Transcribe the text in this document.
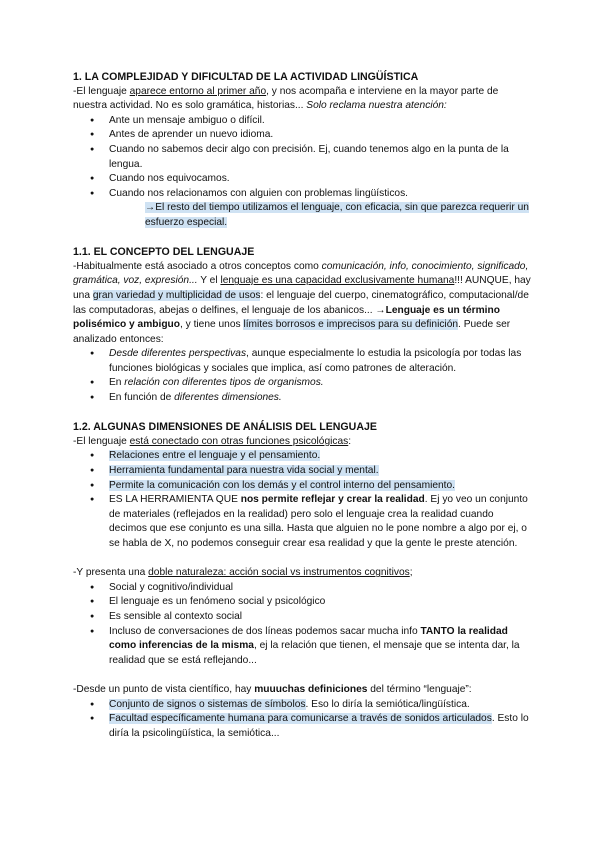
1. LA COMPLEJIDAD Y DIFICULTAD DE LA ACTIVIDAD LINGÜÍSTICA

-El lenguaje aparece entorno al primer año, y nos acompaña e interviene en la mayor parte de nuestra actividad. No es solo gramática, historias... Solo reclama nuestra atención:

● Ante un mensaje ambiguo o difícil.
● Antes de aprender un nuevo idioma.
● Cuando no sabemos decir algo con precisión. Ej, cuando tenemos algo en la punta de la lengua.
● Cuando nos equivocamos.
● Cuando nos relacionamos con alguien con problemas lingüísticos.

→El resto del tiempo utilizamos el lenguaje, con eficacia, sin que parezca requerir un esfuerzo especial.

1.1. EL CONCEPTO DEL LENGUAJE

-Habitualmente está asociado a otros conceptos como comunicación, info, conocimiento, significado, gramática, voz, expresión... Y el lenguaje es una capacidad exclusivamente humana!!! AUNQUE, hay una gran variedad y multiplicidad de usos: el lenguaje del cuerpo, cinematográfico, computacional/de las computadoras, abejas o delfines, el lenguaje de los abanicos... →Lenguaje es un término polisémico y ambiguo, y tiene unos límites borrosos e imprecisos para su definición. Puede ser analizado entonces:

● Desde diferentes perspectivas, aunque especialmente lo estudia la psicología por todas las funciones biológicas y sociales que implica, así como patrones de alteración.
● En relación con diferentes tipos de organismos.
● En función de diferentes dimensiones.
1.2. ALGUNAS DIMENSIONES DE ANÁLISIS DEL LENGUAJE

-El lenguaje está conectado con otras funciones psicológicas:

● Relaciones entre el lenguaje y el pensamiento.
● Herramienta fundamental para nuestra vida social y mental.
● Permite la comunicación con los demás y el control interno del pensamiento.
● ES LA HERRAMIENTA QUE nos permite reflejar y crear la realidad. Ej yo veo un conjunto de materiales (reflejados en la realidad) pero solo el lenguaje crea la realidad cuando decimos que ese conjunto es una silla. Hasta que alguien no le pone nombre a algo por ej, o se habla de X, no podemos conseguir crear esa realidad y que la gente le preste atención.

-Y presenta una doble naturaleza: acción social vs instrumentos cognitivos;

● Social y cognitivo/individual
● El lenguaje es un fenómeno social y psicológico
● Es sensible al contexto social
● Incluso de conversaciones de dos líneas podemos sacar mucha info TANTO la realidad como inferencias de la misma, ej la relación que tienen, el mensaje que se intenta dar, la realidad que se está reflejando...

-Desde un punto de vista científico, hay muuuchas definiciones del término “lenguaje”:

● Conjunto de signos o sistemas de símbolos. Eso lo diría la semiótica/lingüística.
● Facultad específicamente humana para comunicarse a través de sonidos articulados. Esto lo diría la psicolingüística, la semiótica...
